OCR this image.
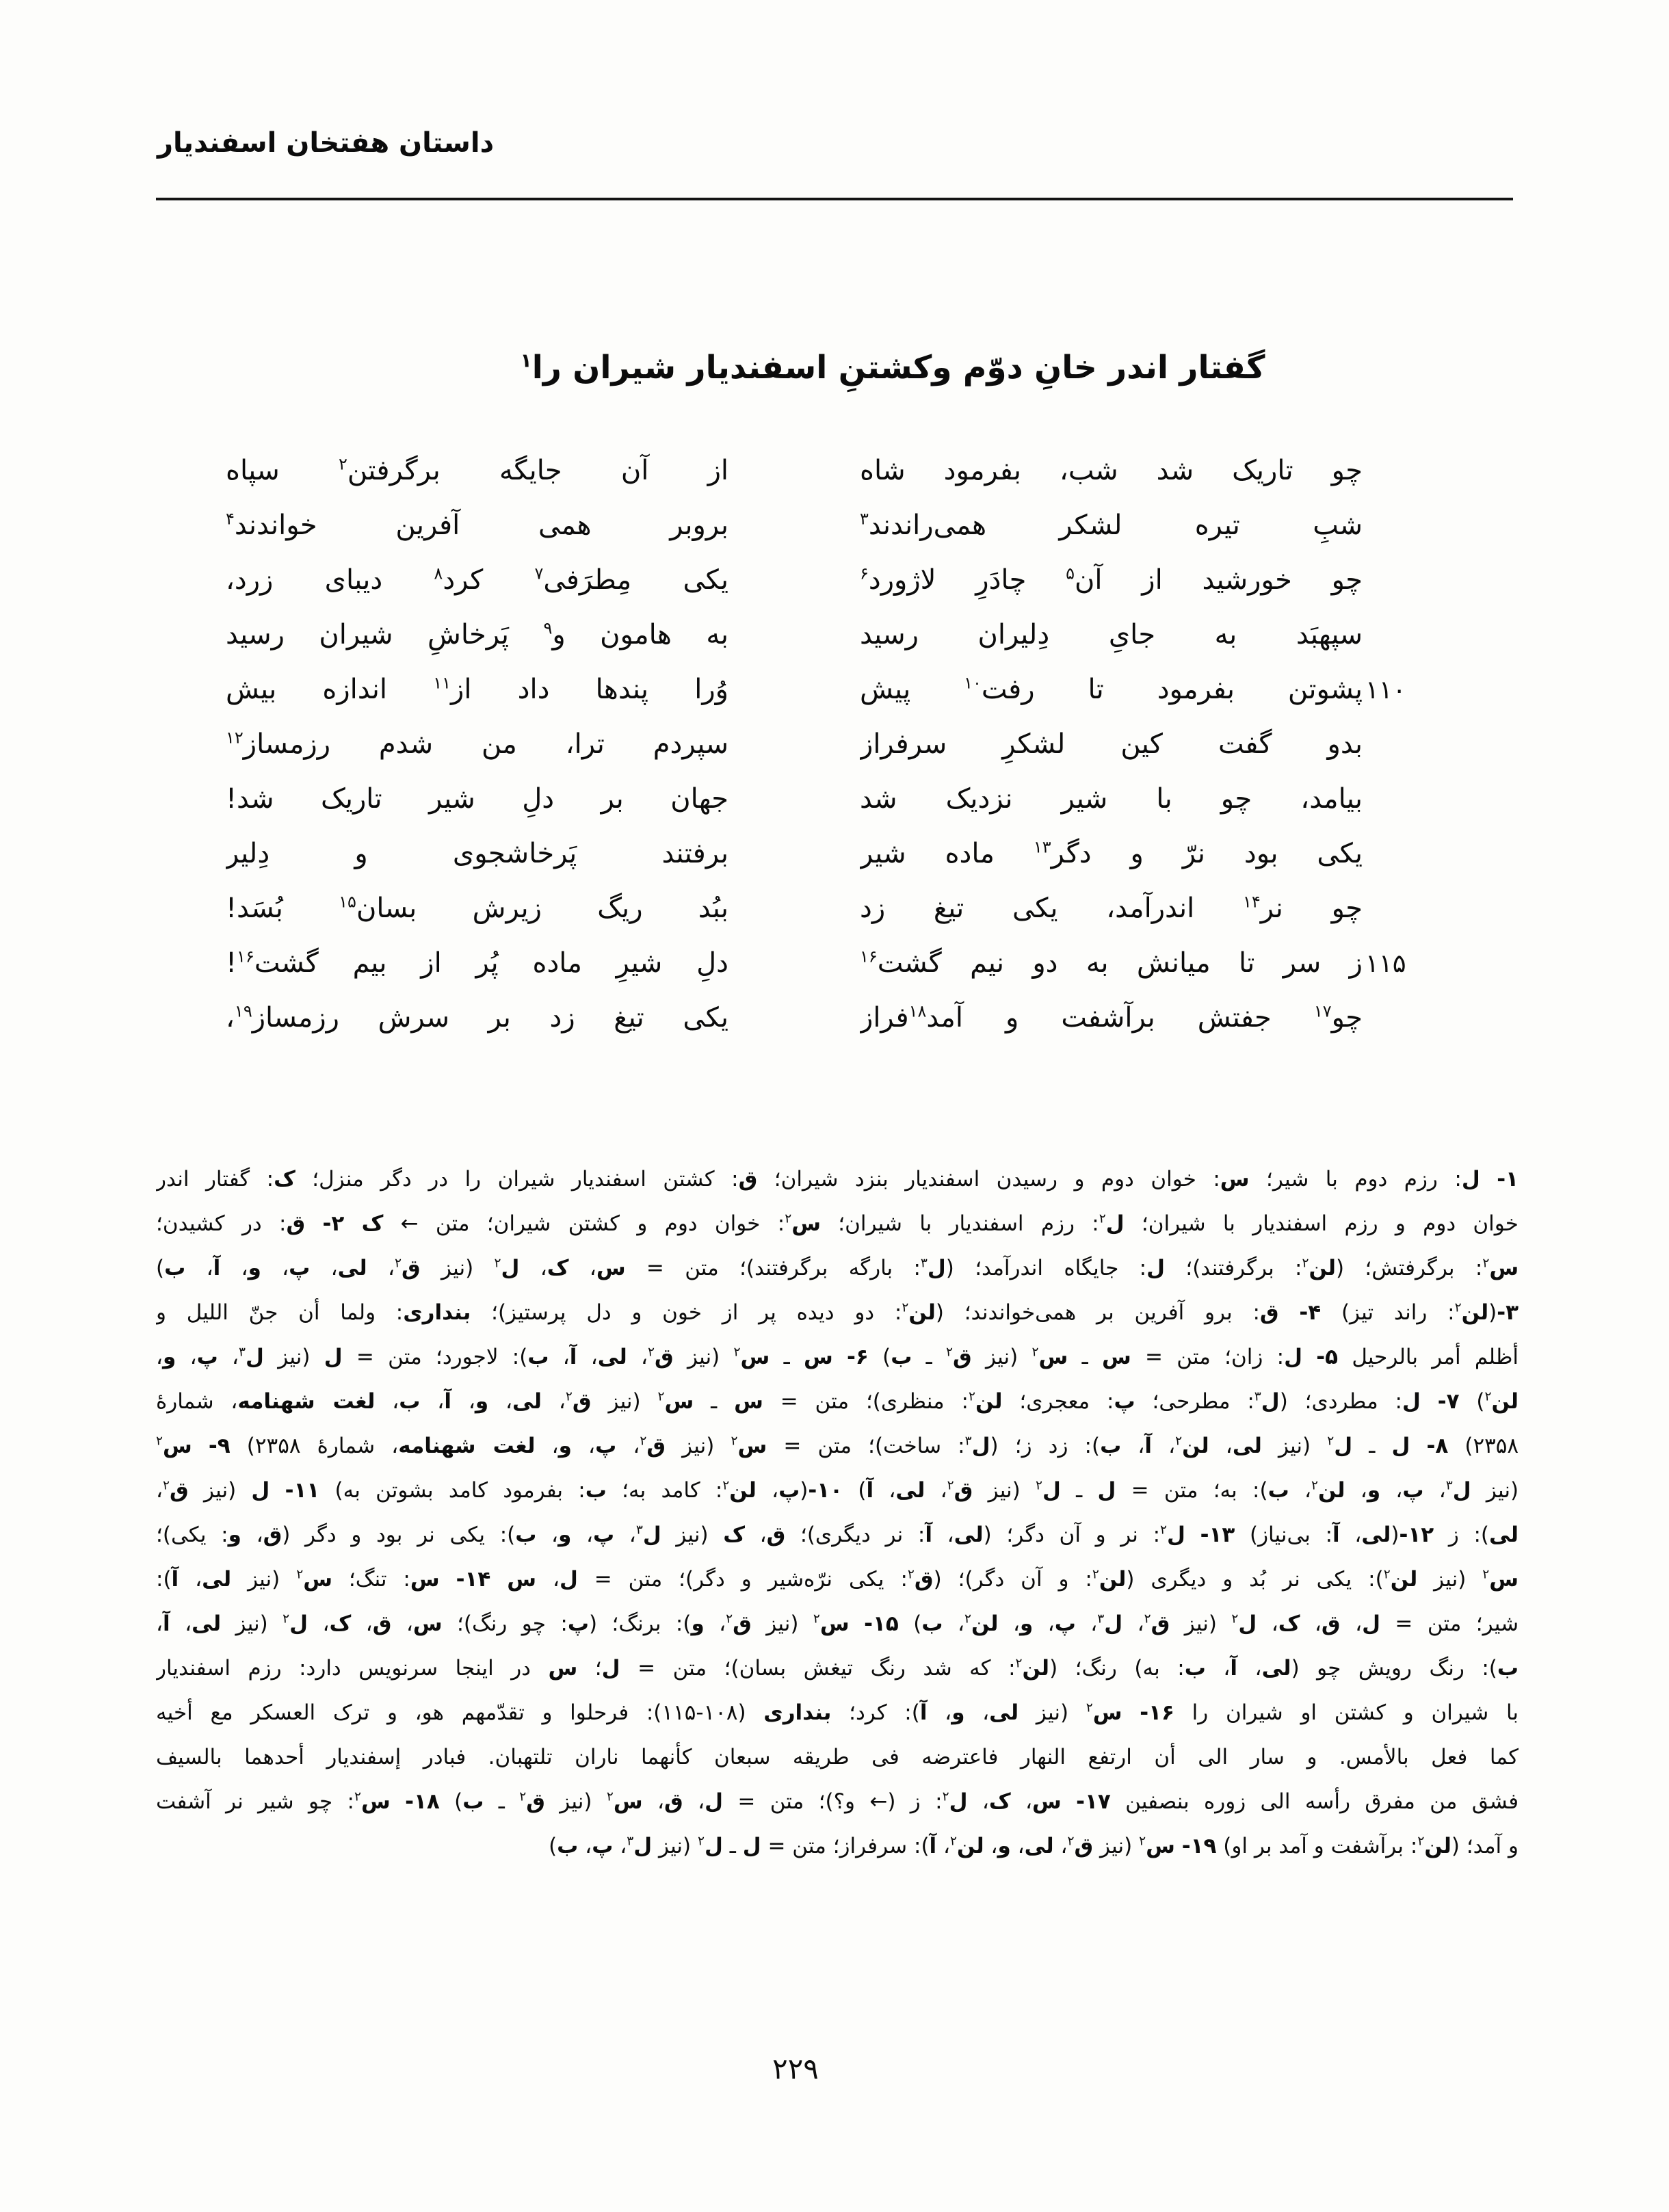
داستان هفتخان اسفندیار
گفتار اندر خانِ دوّم وکشتنِ اسفندیار شیران را$^۱$
چو تاریک شد شب، بفرمود شاه
از آن جایگه برگرفتن$^۲$ سپاه
شبِ تیره لشکر همی‌راندند$^۳$
بروبر همی آفرین خواندند$^۴$
چو خورشید از آن$^۵$ چادَرِ لاژورد$^۶$
یکی مِطرَفی$^۷$ کرد$^۸$ دیبای زرد،
سپهبَد به جایِ دِلیران رسید
به هامون و$^۹$ پَرخاشِ شیران رسید
۱۱۰
پشوتن بفرمود تا رفت$^{۱۰}$ پیش
وُرا پندها داد از$^{۱۱}$ اندازه بیش
بدو گفت کین لشکرِ سرفراز
سپردم ترا، من شدم رزمساز$^{۱۲}$
بیامد، چو با شیر نزدیک شد
جهان بر دلِ شیر تاریک شد!
یکی بود نرّ و دگر$^{۱۳}$ ماده شیر
برفتند پَرخاشجوی و دِلیر
چو نر$^{۱۴}$ اندرآمد، یکی تیغ زد
ببُد ریگ زیرش بسان$^{۱۵}$ بُسَد!
۱۱۵
ز سر تا میانش به دو نیم گشت$^{۱۶}$
دلِ شیرِ ماده پُر از بیم گشت$^{۱۶}$!
چو$^{۱۷}$ جفتش برآشفت و آمد$^{۱۸}$فراز
یکی تیغ زد بر سرش رزمساز$^{۱۹}$،
۱- ل: رزم دوم با شیر؛ س: خوان دوم و رسیدن اسفندیار بنزد شیران؛ ق: کشتن اسفندیار شیران را در دگر منزل؛ ک: گفتار اندر
خوان دوم و رزم اسفندیار با شیران؛ ل$^۲$: رزم اسفندیار با شیران؛ س$^۲$: خوان دوم و کشتن شیران؛ متن ← ک ۲- ق: در کشیدن؛
س$^۲$: برگرفتش؛ (لن$^۲$: برگرفتند)؛ ل: جایگاه اندرآمد؛ (ل$^۳$: بارگه برگرفتند)؛ متن = س، ک، ل$^۲$ (نیز ق$^۲$، لی، پ، و، آ، ب)
۳-(لن$^۲$: راند تیز) ۴- ق: برو آفرین بر همی‌خواندند؛ (لن$^۲$: دو دیده پر از خون و دل پرستیز)؛ بنداری: ولما أن جنّ اللیل و
أظلم أمر بالرحیل ۵- ل: زان؛ متن = س ـ س$^۲$ (نیز ق$^۲$ ـ ب) ۶- س ـ س$^۲$ (نیز ق$^۲$، لی، آ، ب): لاجورد؛ متن = ل (نیز ل$^۳$، پ، و،
لن$^۲$) ۷- ل: مطردی؛ (ل$^۳$: مطرحی؛ پ: معجری؛ لن$^۲$: منظری)؛ متن = س ـ س$^۲$ (نیز ق$^۲$، لی، و، آ، ب، لغت شهنامه، شمارهٔ
۲۳۵۸) ۸- ل ـ ل$^۲$ (نیز لی، لن$^۲$، آ، ب): زد ز؛ (ل$^۳$: ساخت)؛ متن = س$^۲$ (نیز ق$^۲$، پ، و، لغت شهنامه، شمارهٔ ۲۳۵۸) ۹- س$^۲$
(نیز ل$^۳$، پ، و، لن$^۲$، ب): به؛ متن = ل ـ ل$^۲$ (نیز ق$^۲$، لی، آ) ۱۰-(پ، لن$^۲$: کامد به؛ ب: بفرمود کامد بشوتن به) ۱۱- ل (نیز ق$^۲$،
لی): ز ۱۲-(لی، آ: بی‌نیاز) ۱۳- ل$^۲$: نر و آن دگر؛ (لی، آ: نر دیگری)؛ ق، ک (نیز ل$^۳$، پ، و، ب): یکی نر بود و دگر (ق، و: یکی)؛
س$^۲$ (نیز لن$^۲$): یکی نر بُد و دیگری (لن$^۲$: و آن دگر)؛ (ق$^۲$: یکی نرّه‌شیر و دگر)؛ متن = ل، س ۱۴- س: تنگ؛ س$^۲$ (نیز لی، آ):
شیر؛ متن = ل، ق، ک، ل$^۲$ (نیز ق$^۲$، ل$^۳$، پ، و، لن$^۲$، ب) ۱۵- س$^۲$ (نیز ق$^۲$، و): برنگ؛ (پ: چو رنگ)؛ س، ق، ک، ل$^۲$ (نیز لی، آ،
ب): رنگ رویش چو (لی، آ، ب: به) رنگ؛ (لن$^۲$: که شد رنگ تیغش بسان)؛ متن = ل؛ س در اینجا سرنویس دارد: رزم اسفندیار
با شیران و کشتن او شیران را ۱۶- س$^۲$ (نیز لی، و، آ): کرد؛ بنداری (۱۰۸-۱۱۵): فرحلوا و تقدّمهم هو، و ترک العسکر مع أخیه
کما فعل بالأمس. و سار الی أن ارتفع النهار فاعترضه فی طریقه سبعان کأنهما ناران تلتهبان. فبادر إسفندیار أحدهما بالسیف
فشق من مفرق رأسه الی زوره بنصفین ۱۷- س، ک، ل$^۲$: ز (← و؟)؛ متن = ل، ق، س$^۲$ (نیز ق$^۲$ ـ ب) ۱۸- س$^۲$: چو شیر نر آشفت
و آمد؛ (لن$^۲$: برآشفت و آمد بر او) ۱۹- س$^۲$ (نیز ق$^۲$، لی، و، لن$^۲$، آ): سرفراز؛ متن = ل ـ ل$^۲$ (نیز ل$^۳$، پ، ب)
۲۲۹
